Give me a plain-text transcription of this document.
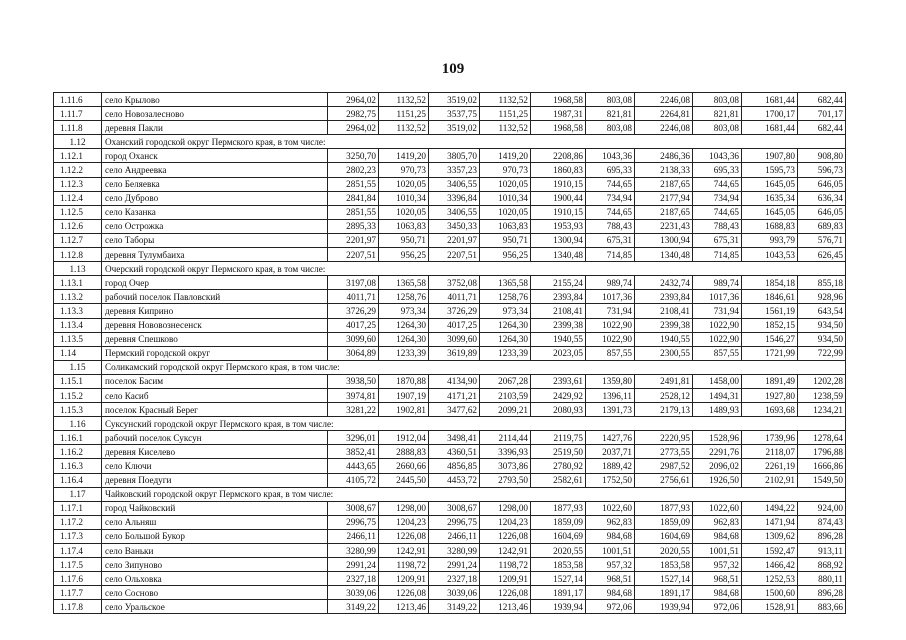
109
1.11.6	село Крылово	2964,02	1132,52	3519,02	1132,52	1968,58	803,08	2246,08	803,08	1681,44	682,44
1.11.7	село Новозалесново	2982,75	1151,25	3537,75	1151,25	1987,31	821,81	2264,81	821,81	1700,17	701,17
1.11.8	деревня Пакли	2964,02	1132,52	3519,02	1132,52	1968,58	803,08	2246,08	803,08	1681,44	682,44
1.12	Оханский городской округ Пермского края, в том числе:										
1.12.1	город Оханск	3250,70	1419,20	3805,70	1419,20	2208,86	1043,36	2486,36	1043,36	1907,80	908,80
1.12.2	село Андреевка	2802,23	970,73	3357,23	970,73	1860,83	695,33	2138,33	695,33	1595,73	596,73
1.12.3	село Беляевка	2851,55	1020,05	3406,55	1020,05	1910,15	744,65	2187,65	744,65	1645,05	646,05
1.12.4	село Дуброво	2841,84	1010,34	3396,84	1010,34	1900,44	734,94	2177,94	734,94	1635,34	636,34
1.12.5	село Казанка	2851,55	1020,05	3406,55	1020,05	1910,15	744,65	2187,65	744,65	1645,05	646,05
1.12.6	село Острожка	2895,33	1063,83	3450,33	1063,83	1953,93	788,43	2231,43	788,43	1688,83	689,83
1.12.7	село Таборы	2201,97	950,71	2201,97	950,71	1300,94	675,31	1300,94	675,31	993,79	576,71
1.12.8	деревня Тулумбаиха	2207,51	956,25	2207,51	956,25	1340,48	714,85	1340,48	714,85	1043,53	626,45
1.13	Очерский городской округ Пермского края, в том числе:										
1.13.1	город Очер	3197,08	1365,58	3752,08	1365,58	2155,24	989,74	2432,74	989,74	1854,18	855,18
1.13.2	рабочий поселок Павловский	4011,71	1258,76	4011,71	1258,76	2393,84	1017,36	2393,84	1017,36	1846,61	928,96
1.13.3	деревня Киприно	3726,29	973,34	3726,29	973,34	2108,41	731,94	2108,41	731,94	1561,19	643,54
1.13.4	деревня Нововознесенск	4017,25	1264,30	4017,25	1264,30	2399,38	1022,90	2399,38	1022,90	1852,15	934,50
1.13.5	деревня Спешково	3099,60	1264,30	3099,60	1264,30	1940,55	1022,90	1940,55	1022,90	1546,27	934,50
1.14	Пермский городской округ	3064,89	1233,39	3619,89	1233,39	2023,05	857,55	2300,55	857,55	1721,99	722,99
1.15	Соликамский городской округ Пермского края, в том числе:										
1.15.1	поселок Басим	3938,50	1870,88	4134,90	2067,28	2393,61	1359,80	2491,81	1458,00	1891,49	1202,28
1.15.2	село Касиб	3974,81	1907,19	4171,21	2103,59	2429,92	1396,11	2528,12	1494,31	1927,80	1238,59
1.15.3	поселок Красный Берег	3281,22	1902,81	3477,62	2099,21	2080,93	1391,73	2179,13	1489,93	1693,68	1234,21
1.16	Суксунский городской округ Пермского края, в том числе:										
1.16.1	рабочий поселок Суксун	3296,01	1912,04	3498,41	2114,44	2119,75	1427,76	2220,95	1528,96	1739,96	1278,64
1.16.2	деревня Киселево	3852,41	2888,83	4360,51	3396,93	2519,50	2037,71	2773,55	2291,76	2118,07	1796,88
1.16.3	село Ключи	4443,65	2660,66	4856,85	3073,86	2780,92	1889,42	2987,52	2096,02	2261,19	1666,86
1.16.4	деревня Поедуги	4105,72	2445,50	4453,72	2793,50	2582,61	1752,50	2756,61	1926,50	2102,91	1549,50
1.17	Чайковский городской округ Пермского края, в том числе:										
1.17.1	город Чайковский	3008,67	1298,00	3008,67	1298,00	1877,93	1022,60	1877,93	1022,60	1494,22	924,00
1.17.2	село Альняш	2996,75	1204,23	2996,75	1204,23	1859,09	962,83	1859,09	962,83	1471,94	874,43
1.17.3	село Большой Букор	2466,11	1226,08	2466,11	1226,08	1604,69	984,68	1604,69	984,68	1309,62	896,28
1.17.4	село Ваньки	3280,99	1242,91	3280,99	1242,91	2020,55	1001,51	2020,55	1001,51	1592,47	913,11
1.17.5	село Зипуново	2991,24	1198,72	2991,24	1198,72	1853,58	957,32	1853,58	957,32	1466,42	868,92
1.17.6	село Ольховка	2327,18	1209,91	2327,18	1209,91	1527,14	968,51	1527,14	968,51	1252,53	880,11
1.17.7	село Сосново	3039,06	1226,08	3039,06	1226,08	1891,17	984,68	1891,17	984,68	1500,60	896,28
1.17.8	село Уральское	3149,22	1213,46	3149,22	1213,46	1939,94	972,06	1939,94	972,06	1528,91	883,66
